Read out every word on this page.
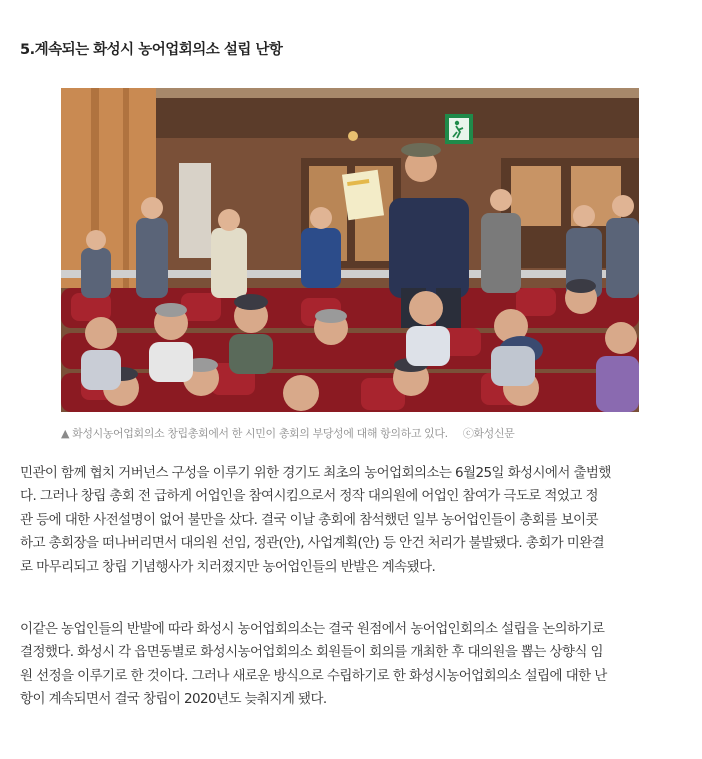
5.계속되는 화성시 농어업회의소 설립 난항
▲ 화성시농어업회의소 창립총회에서 한 시민이 총회의 부당성에 대해 항의하고 있다. ⓒ화성신문

민관이 함께 협치 거버넌스 구성을 이루기 위한 경기도 최초의 농어업회의소는 6월25일 화성시에서 출범했
다. 그러나 창립 총회 전 급하게 어업인을 참여시킴으로서 정작 대의원에 어업인 참여가 극도로 적었고 정
관 등에 대한 사전설명이 없어 불만을 샀다. 결국 이날 총회에 참석했던 일부 농어업인들이 총회를 보이콧
하고 총회장을 떠나버리면서 대의원 선임, 정관(안), 사업계획(안) 등 안건 처리가 불발됐다. 총회가 미완결
로 마무리되고 창립 기념행사가 치러졌지만 농어업인들의 반발은 계속됐다.

이같은 농업인들의 반발에 따라 화성시 농어업회의소는 결국 원점에서 농어업인회의소 설립을 논의하기로
결정했다. 화성시 각 읍면동별로 화성시농어업회의소 회원들이 회의를 개최한 후 대의원을 뽑는 상향식 임
원 선정을 이루기로 한 것이다. 그러나 새로운 방식으로 수립하기로 한 화성시농어업회의소 설립에 대한 난
항이 계속되면서 결국 창립이 2020년도 늦춰지게 됐다.
